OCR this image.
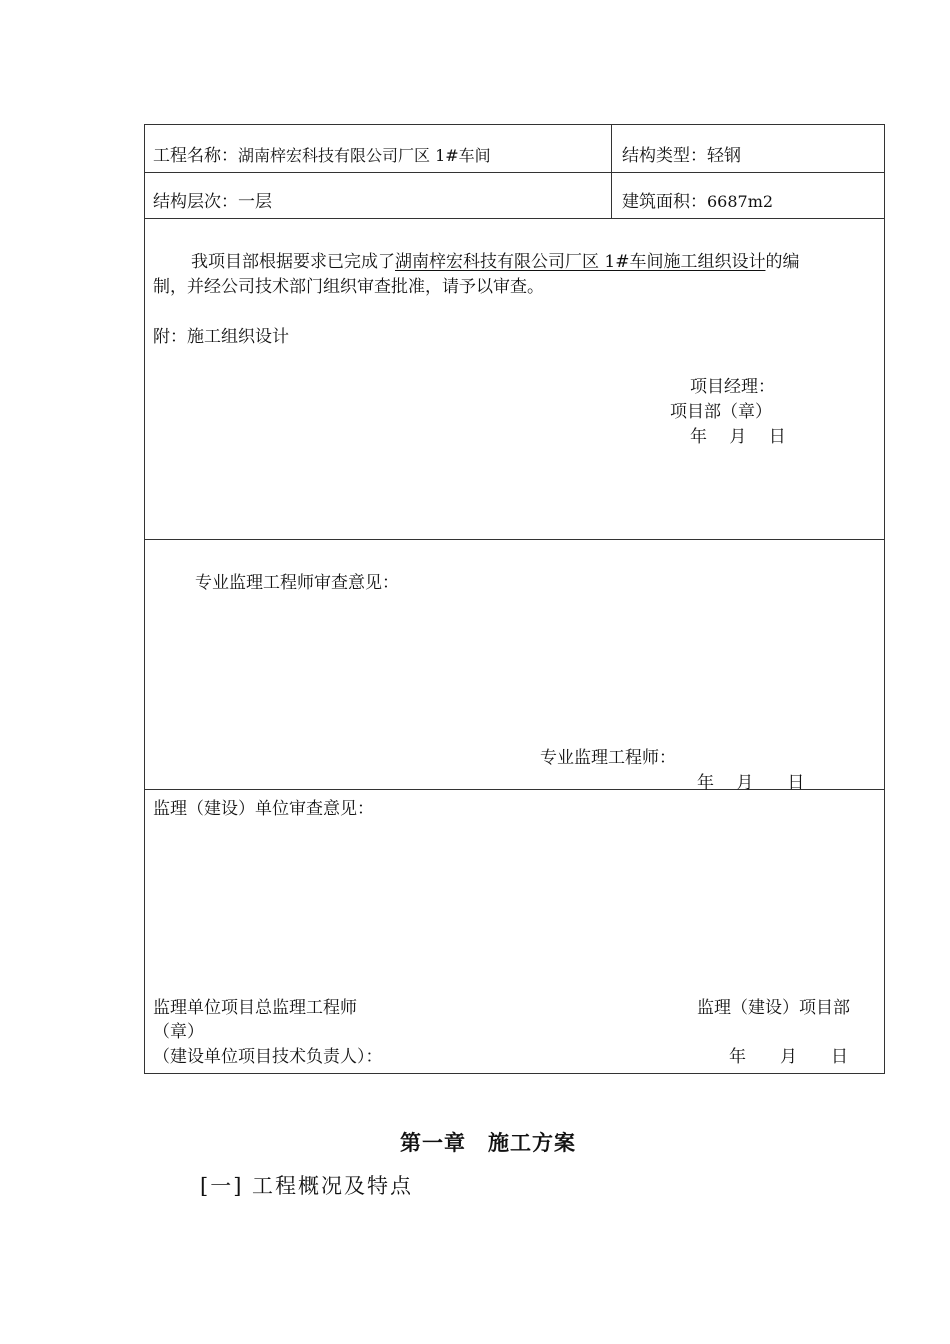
工程名称：湖南梓宏科技有限公司厂区 1#车间	结构类型：轻钢
结构层次：一层	建筑面积：6687m2
我项目部根据要求已完成了湖南梓宏科技有限公司厂区 1#车间施工组织设计的编
制，并经公司技术部门组织审查批准，请予以审查。
附：施工组织设计
项目经理：
项目部（章）
年　 月　 日
专业监理工程师审查意见：
专业监理工程师：
年　 月　　日
监理（建设）单位审查意见：
监理单位项目总监理工程师	监理（建设）项目部
（章）
（建设单位项目技术负责人）：	年　　月　　日
第一章　施工方案
[一] 工程概况及特点
